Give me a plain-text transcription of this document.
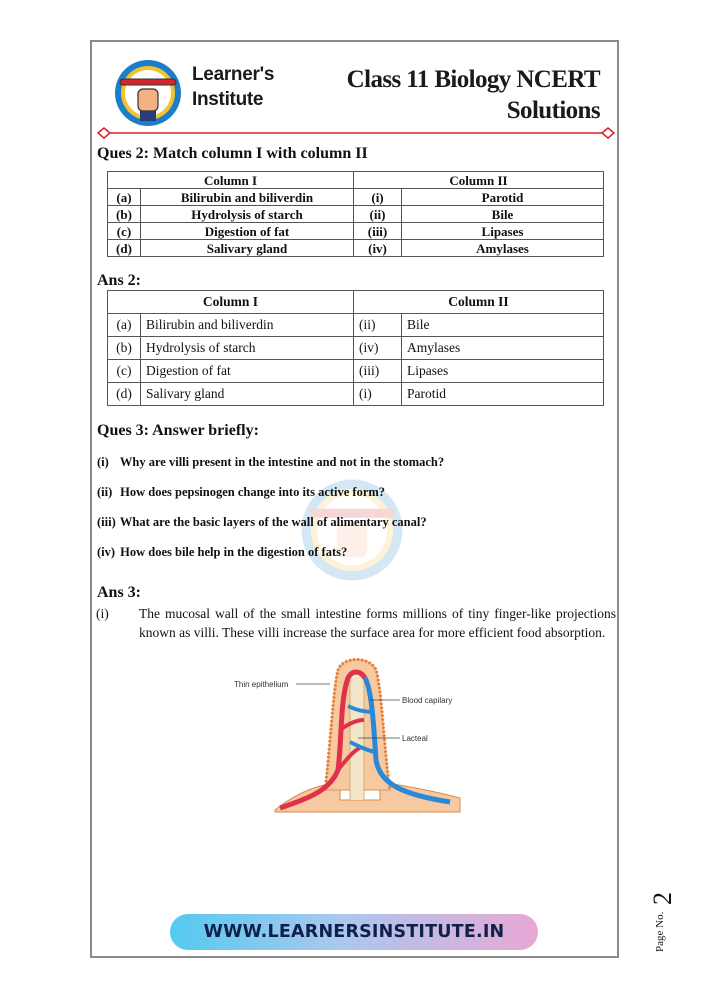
Learner's
Institute
Class 11 Biology NCERT
Solutions
Ques 2: Match column I with column II
Column I		Column II	
(a)	Bilirubin and biliverdin	(i)	Parotid
(b)	Hydrolysis of starch	(ii)	Bile
(c)	Digestion of fat	(iii)	Lipases
(d)	Salivary gland	(iv)	Amylases
Ans 2:
Column I		Column II	
(a)	Bilirubin and biliverdin	(ii)	Bile
(b)	Hydrolysis of starch	(iv)	Amylases
(c)	Digestion of fat	(iii)	Lipases
(d)	Salivary gland	(i)	Parotid
Ques 3: Answer briefly:
(i) Why are villi present in the intestine and not in the stomach?
(ii) How does pepsinogen change into its active form?
(iii) What are the basic layers of the wall of alimentary canal?
(iv) How does bile help in the digestion of fats?
Ans 3:
(i) The mucosal wall of the small intestine forms millions of tiny finger-like projections known as villi. These villi increase the surface area for more efficient food absorption.
Thin epithelium
Blood capilary
Lacteal
WWW.LEARNERSINSTITUTE.IN
2
Page No.
